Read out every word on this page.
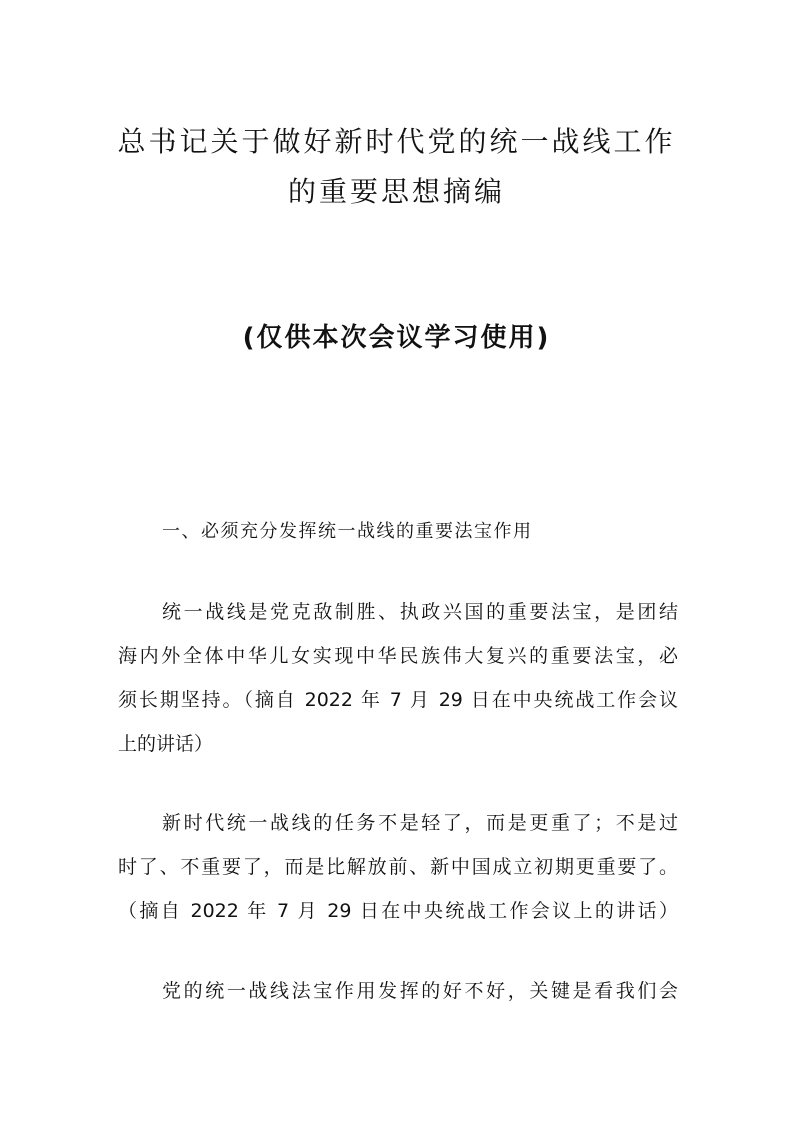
总书记关于做好新时代党的统一战线工作
的重要思想摘编
(仅供本次会议学习使用)
一、必须充分发挥统一战线的重要法宝作用
统一战线是党克敌制胜、执政兴国的重要法宝，是团结
海内外全体中华儿女实现中华民族伟大复兴的重要法宝，必
须长期坚持。（摘自 2022 年 7 月 29 日在中央统战工作会议
上的讲话）
新时代统一战线的任务不是轻了，而是更重了；不是过
时了、不重要了，而是比解放前、新中国成立初期更重要了。
（摘自 2022 年 7 月 29 日在中央统战工作会议上的讲话）
党的统一战线法宝作用发挥的好不好，关键是看我们会
